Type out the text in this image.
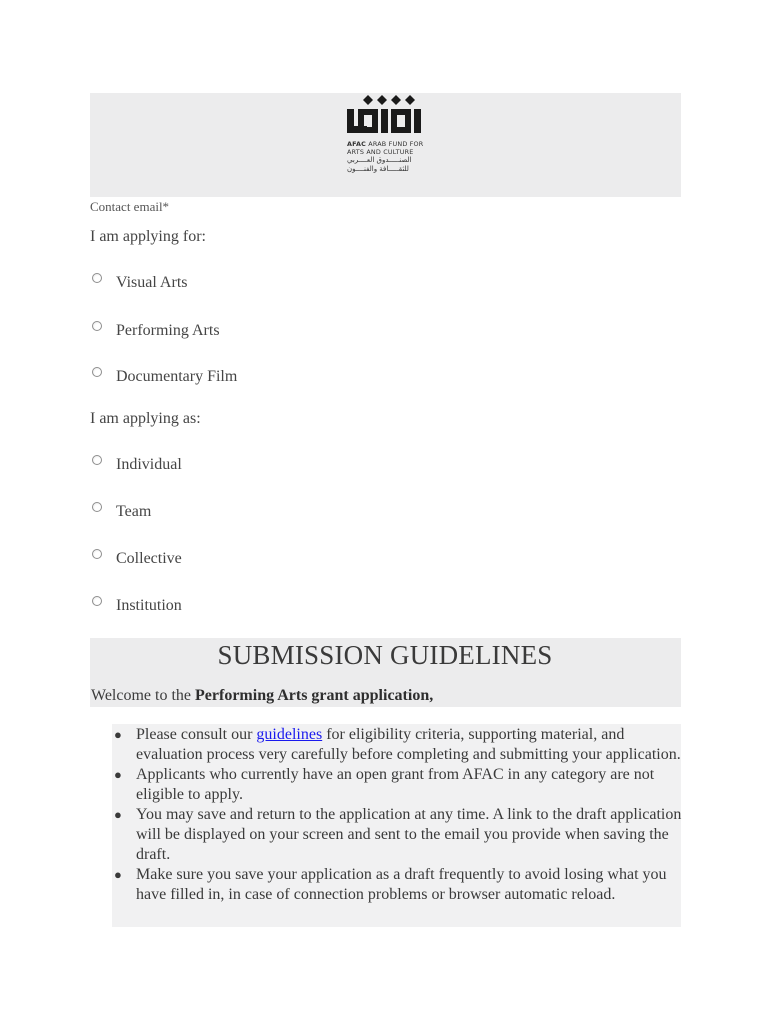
AFAC ARAB FUND FOR
ARTS AND CULTURE
الصنـــــدوق العــــربي
للثقـــــافة والفنــــون
Contact email*
I am applying for:
Visual Arts
Performing Arts
Documentary Film
I am applying as:
Individual
Team
Collective
Institution
SUBMISSION GUIDELINES
Welcome to the Performing Arts grant application,
● Please consult our guidelines for eligibility criteria, supporting material, and evaluation process very carefully before completing and submitting your application.
● Applicants who currently have an open grant from AFAC in any category are not eligible to apply.
● You may save and return to the application at any time. A link to the draft application will be displayed on your screen and sent to the email you provide when saving the draft.
● Make sure you save your application as a draft frequently to avoid losing what you have filled in, in case of connection problems or browser automatic reload.
